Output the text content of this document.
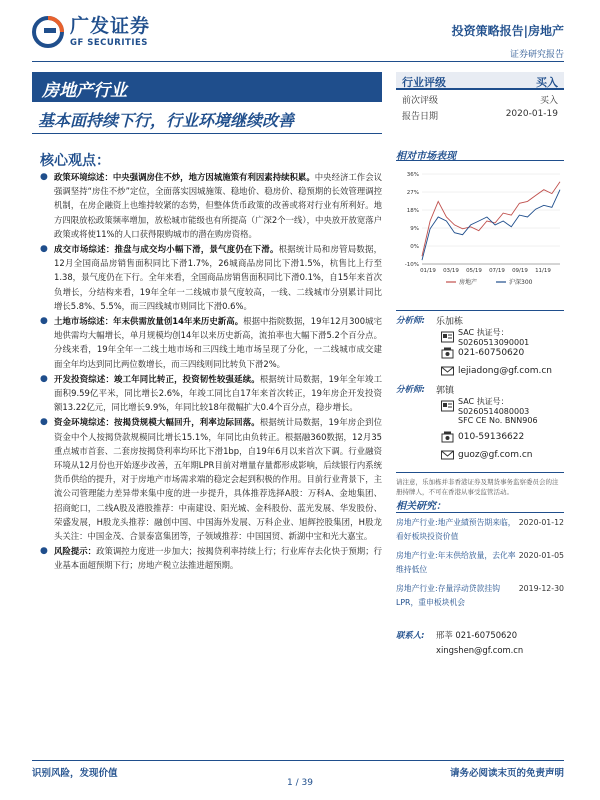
广发证券
GF SECURITIES
投资策略报告|房地产
证券研究报告
房地产行业
基本面持续下行，行业环境继续改善
行业评级	买入
前次评级	买入
报告日期	2020-01-19
核心观点：
● 政策环境综述：中央强调房住不炒，地方因城施策有利因素持续积累。中央经济工作会议强调坚持“房住不炒”定位，全面落实因城施策、稳地价、稳房价、稳预期的长效管理调控机制，在房企融资上也维持较紧的态势，但整体货币政策的改善或将对行业有所利好。地方四限放松政策频率增加，放松城市能级也有所提高（广深2个一线），中央放开放宽落户政策或将使11%的人口获得限购城市的潜在购房资格。
● 成交市场综述：推盘与成交均小幅下滑，景气度仍在下滑。根据统计局和房管局数据，12月全国商品房销售面积同比下滑1.7%，26城商品房同比下滑1.5%，杭售比上行至1.38，景气度仍在下行。全年来看，全国商品房销售面积同比下滑0.1%，自15年来首次负增长，分结构来看，19年全年一二线城市景气度较高，一线、二线城市分别累计同比增长5.8%、5.5%，而三四线城市则同比下滑0.6%。
● 土地市场综述：年末供需放量创14年来历史新高。根据中指院数据，19年12月300城宅地供需均大幅增长，单月规模均创14年以来历史新高，流拍率也大幅下滑5.2个百分点。分线来看，19年全年一二线土地市场和三四线土地市场呈现了分化，一二线城市成交建面全年均达到同比两位数增长，而三四线则同比转负下滑2%。
● 开发投资综述：竣工年同比转正，投资韧性较强延续。根据统计局数据，19年全年竣工面积9.59亿平米，同比增长2.6%，年竣工同比自17年来首次转正，19年房企开发投资额13.22亿元，同比增长9.9%，年同比较18年微幅扩大0.4个百分点，稳步增长。
● 资金环境综述：按揭贷规模大幅回升，利率边际回落。根据统计局数据，19年房企到位资金中个人按揭贷款规模同比增长15.1%，年同比由负转正。根据融360数据，12月35重点城市首套、二套房按揭贷利率均环比下滑1bp，自19年6月以来首次下调。行业融资环境从12月份也开始逐步改善，五年期LPR目前对增量存量都形成影响，后续银行内系统货币供给的提升，对于房地产市场需求端的稳定会起到积极的作用。目前行业背景下，主流公司管理能力差异带来集中度的进一步提升，具体推荐选择A股：万科A、金地集团、招商蛇口，二线A股及港股推荐：中南建设、阳光城、金科股份、蓝光发展、华发股份、荣盛发展，H股龙头推荐：融创中国、中国海外发展、万科企业、旭辉控股集团，H股龙头关注：中国金茂、合景泰富集团等，子领域推荐：中国国贸、新湖中宝和光大嘉宝。
● 风险提示：政策调控力度进一步加大；按揭贷利率持续上行；行业库存去化快于预期；行业基本面超预期下行；房地产税立法推进超预期。
相对市场表现
36%
27%
18%
9%
0%
-10%
01/19 03/19 05/19 07/19 09/19 11/19
房地产	沪深300
分析师:	乐加栋
SAC 执证号：S0260513090001
021-60750620
lejiadong@gf.com.cn
分析师:	郭镇
SAC 执证号：S0260514080003
SFC CE No. BNN906
010-59136622
guoz@gf.com.cn
请注意，乐加栋并非香港证券及期货事务监察委员会的注册持牌人，不可在香港从事受监管活动。
相关研究：
房地产行业:地产业績预告期来临，看好板块投资价值
2020-01-12
房地产行业:年末供给放量，去化率维持低位
2020-01-05
房地产行业:存量浮动贷款挂钩LPR，重申板块机会
2019-12-30
联系人:	邢莘 021-60750620
xingshen@gf.com.cn
识别风险，发现价值	请务必阅读末页的免责声明
1 / 39
